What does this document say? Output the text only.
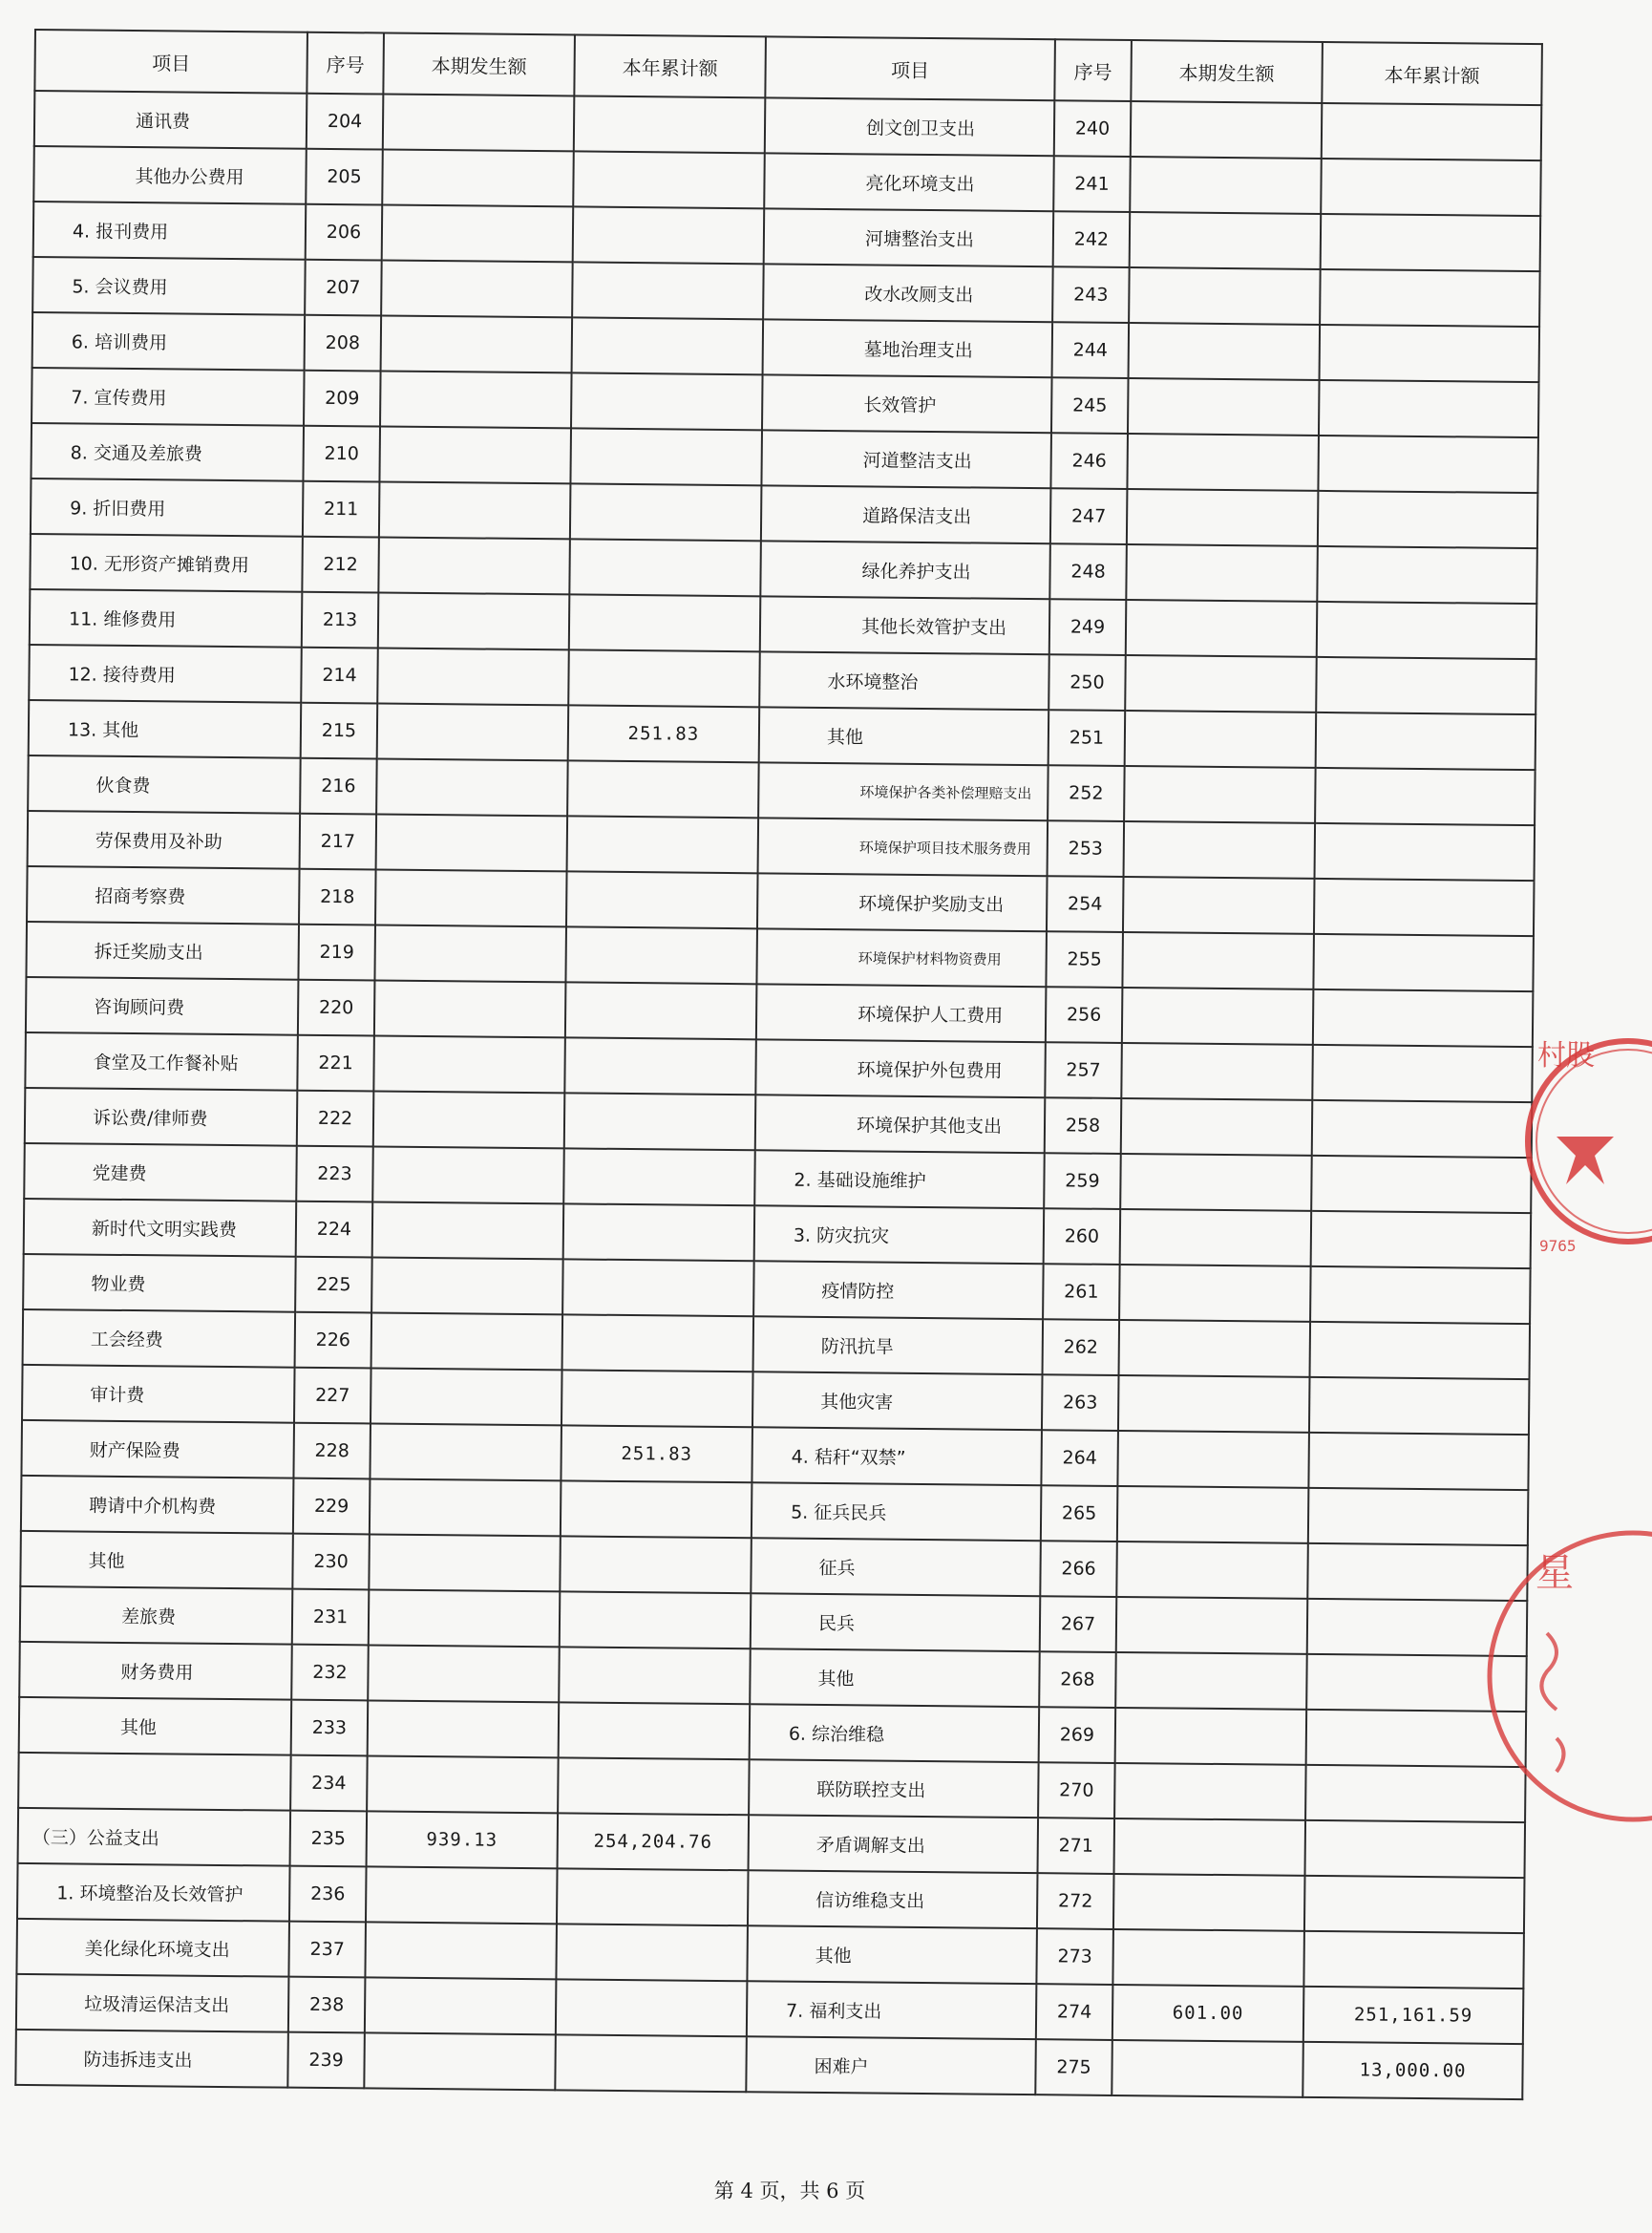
项目	序号	本期发生额	本年累计额	项目	序号	本期发生额	本年累计额
通讯费	204			创文创卫支出	240		
其他办公费用	205			亮化环境支出	241		
4. 报刊费用	206			河塘整治支出	242		
5. 会议费用	207			改水改厕支出	243		
6. 培训费用	208			墓地治理支出	244		
7. 宣传费用	209			长效管护	245		
8. 交通及差旅费	210			河道整洁支出	246		
9. 折旧费用	211			道路保洁支出	247		
10. 无形资产摊销费用	212			绿化养护支出	248		
11. 维修费用	213			其他长效管护支出	249		
12. 接待费用	214			水环境整治	250		
13. 其他	215		251.83	其他	251		
伙食费	216			环境保护各类补偿理赔支出	252		
劳保费用及补助	217			环境保护项目技术服务费用	253		
招商考察费	218			环境保护奖励支出	254		
拆迁奖励支出	219			环境保护材料物资费用	255		
咨询顾问费	220			环境保护人工费用	256		
食堂及工作餐补贴	221			环境保护外包费用	257		
诉讼费/律师费	222			环境保护其他支出	258		
党建费	223			2. 基础设施维护	259		
新时代文明实践费	224			3. 防灾抗灾	260		
物业费	225			疫情防控	261		
工会经费	226			防汛抗旱	262		
审计费	227			其他灾害	263		
财产保险费	228		251.83	4. 秸秆“双禁”	264		
聘请中介机构费	229			5. 征兵民兵	265		
其他	230			征兵	266		
差旅费	231			民兵	267		
财务费用	232			其他	268		
其他	233			6. 综治维稳	269		
	234			联防联控支出	270		
（三）公益支出	235	939.13	254,204.76	矛盾调解支出	271		
1. 环境整治及长效管护	236			信访维稳支出	272		
美化绿化环境支出	237			其他	273		
垃圾清运保洁支出	238			7. 福利支出	274	601.00	251,161.59
防违拆违支出	239			困难户	275		13,000.00
村股
9765
星
第 4 页，共 6 页
